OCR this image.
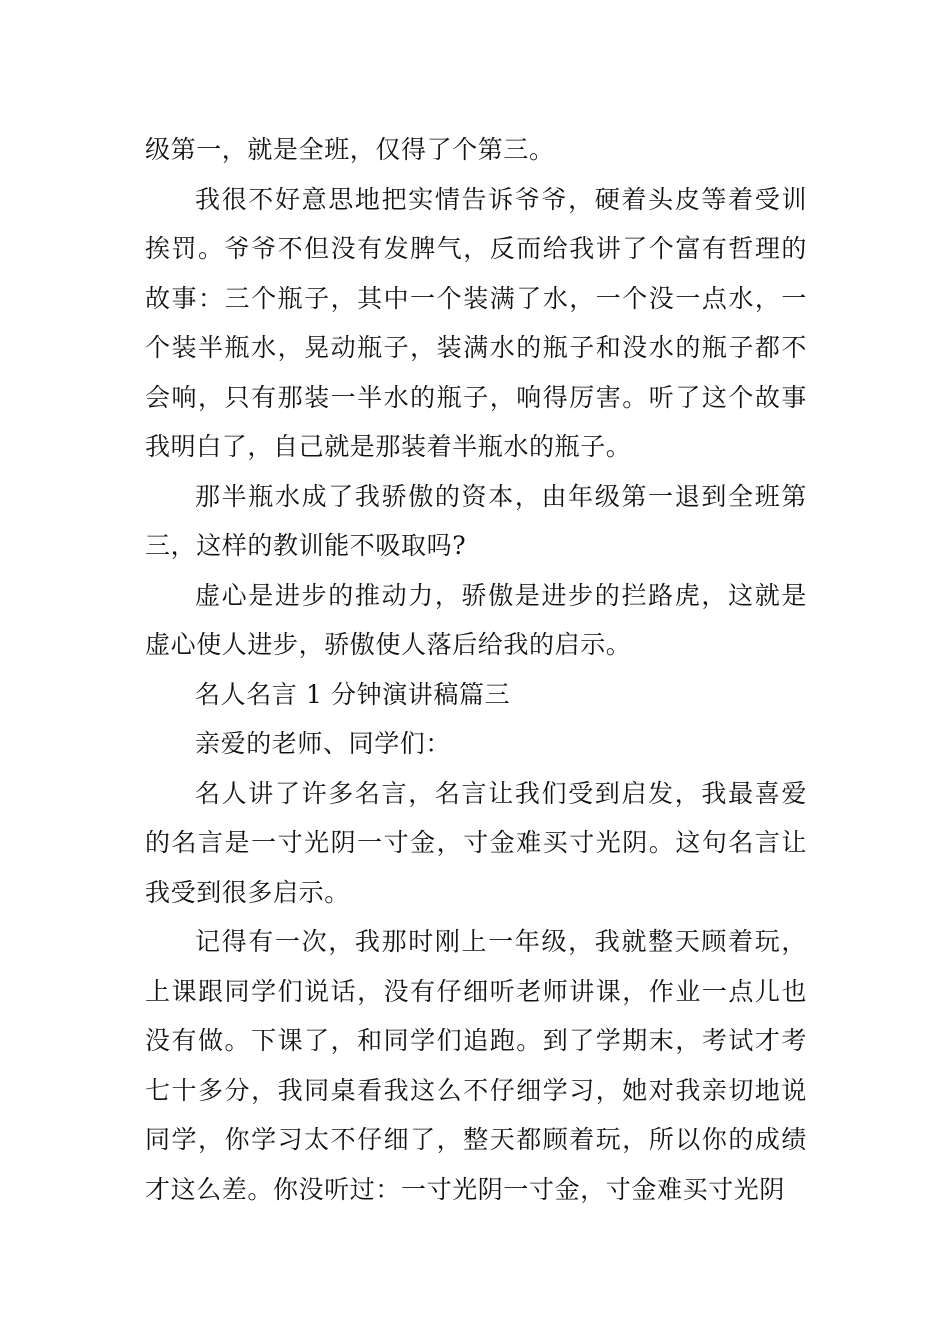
级第一，就是全班，仅得了个第三。

我很不好意思地把实情告诉爷爷，硬着头皮等着受训挨罚。爷爷不但没有发脾气，反而给我讲了个富有哲理的故事：三个瓶子，其中一个装满了水，一个没一点水，一个装半瓶水，晃动瓶子，装满水的瓶子和没水的瓶子都不会响，只有那装一半水的瓶子，响得厉害。听了这个故事我明白了，自己就是那装着半瓶水的瓶子。

那半瓶水成了我骄傲的资本，由年级第一退到全班第三，这样的教训能不吸取吗?

虚心是进步的推动力，骄傲是进步的拦路虎，这就是虚心使人进步，骄傲使人落后给我的启示。

名人名言 1 分钟演讲稿篇三

亲爱的老师、同学们：

名人讲了许多名言，名言让我们受到启发，我最喜爱的名言是一寸光阴一寸金，寸金难买寸光阴。这句名言让我受到很多启示。

记得有一次，我那时刚上一年级，我就整天顾着玩，上课跟同学们说话，没有仔细听老师讲课，作业一点儿也没有做。下课了，和同学们追跑。到了学期末，考试才考七十多分，我同桌看我这么不仔细学习，她对我亲切地说同学，你学习太不仔细了，整天都顾着玩，所以你的成绩才这么差。你没听过：一寸光阴一寸金，寸金难买寸光阴
